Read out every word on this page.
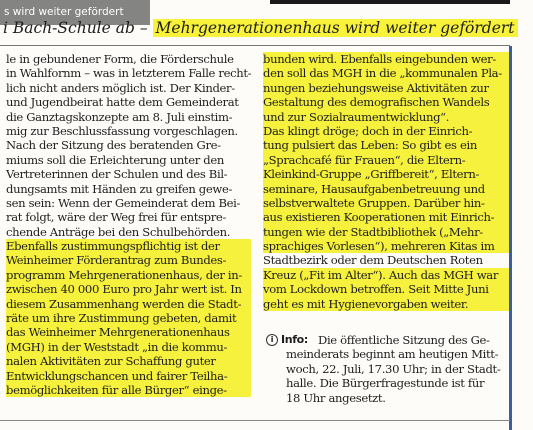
s wird weiter gefördert
i Bach-Schule ab – Mehrgenerationenhaus wird weiter gefördert
le in gebundener Form, die Förderschule
in Wahlfornm – was in letzterem Falle recht-
lich nicht anders möglich ist. Der Kinder-
und Jugendbeirat hatte dem Gemeinderat
die Ganztagskonzepte am 8. Juli einstim-
mig zur Beschlussfassung vorgeschlagen.
Nach der Sitzung des beratenden Gre-
miums soll die Erleichterung unter den
Vertreterinnen der Schulen und des Bil-
dungsamts mit Händen zu greifen gewe-
sen sein: Wenn der Gemeinderat dem Bei-
rat folgt, wäre der Weg frei für entspre-
chende Anträge bei den Schulbehörden.
Ebenfalls zustimmungspflichtig ist der
Weinheimer Förderantrag zum Bundes-
programm Mehrgenerationenhaus, der in-
zwischen 40 000 Euro pro Jahr wert ist. In
diesem Zusammenhang werden die Stadt-
räte um ihre Zustimmung gebeten, damit
das Weinheimer Mehrgenerationenhaus
(MGH) in der Weststadt „in die kommu-
nalen Aktivitäten zur Schaffung guter
Entwicklungschancen und fairer Teilha-
bemöglichkeiten für alle Bürger“ einge-
bunden wird. Ebenfalls eingebunden wer-
den soll das MGH in die „kommunalen Pla-
nungen beziehungsweise Aktivitäten zur
Gestaltung des demografischen Wandels
und zur Sozialraumentwicklung“.
Das klingt dröge; doch in der Einrich-
tung pulsiert das Leben: So gibt es ein
„Sprachcafé für Frauen“, die Eltern-
Kleinkind-Gruppe „Griffbereit“, Eltern-
seminare, Hausaufgabenbetreuung und
selbstverwaltete Gruppen. Darüber hin-
aus existieren Kooperationen mit Einrich-
tungen wie der Stadtbibliothek („Mehr-
sprachiges Vorlesen“), mehreren Kitas im
Stadtbezirk oder dem Deutschen Roten
Kreuz („Fit im Alter“). Auch das MGH war
vom Lockdown betroffen. Seit Mitte Juni
geht es mit Hygienevorgaben weiter.
i Info: Die öffentliche Sitzung des Ge-
meinderats beginnt am heutigen Mitt-
woch, 22. Juli, 17.30 Uhr; in der Stadt-
halle. Die Bürgerfragestunde ist für
18 Uhr angesetzt.
